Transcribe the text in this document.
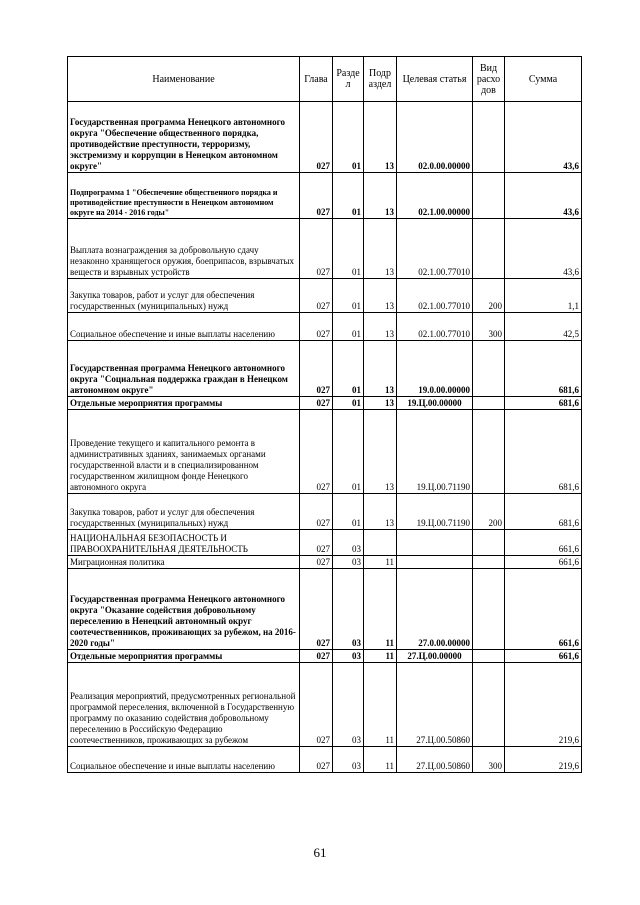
Наименование	Глава	Разде л	Подр аздел	Целевая статья	Вид расхо дов	Сумма

Государственная программа Ненецкого автономного округа "Обеспечение общественного порядка, противодействие преступности, терроризму, экстремизму и коррупции в Ненецком автономном округе"	027	01	13	02.0.00.00000		43,6

Подпрограмма 1 "Обеспечение общественного порядка и противодействие преступности в Ненецком автономном округе на 2014 - 2016 годы"	027	01	13	02.1.00.00000		43,6

Выплата вознаграждения за добровольную сдачу незаконно хранящегося оружия, боеприпасов, взрывчатых веществ и взрывных устройств	027	01	13	02.1.00.77010		43,6

Закупка товаров, работ и услуг для обеспечения государственных (муниципальных) нужд	027	01	13	02.1.00.77010	200	1,1

Социальное обеспечение и иные выплаты населению	027	01	13	02.1.00.77010	300	42,5

Государственная программа Ненецкого автономного округа "Социальная поддержка граждан в Ненецком автономном округе"	027	01	13	19.0.00.00000		681,6

Отдельные мероприятия программы	027	01	13	19.Ц.00.00000		681,6

Проведение текущего и капитального ремонта в административных зданиях, занимаемых органами государственной власти и в специализированном государственном жилищном фонде Ненецкого автономного округа	027	01	13	19.Ц.00.71190		681,6

Закупка товаров, работ и услуг для обеспечения государственных (муниципальных) нужд	027	01	13	19.Ц.00.71190	200	681,6

НАЦИОНАЛЬНАЯ БЕЗОПАСНОСТЬ И ПРАВООХРАНИТЕЛЬНАЯ ДЕЯТЕЛЬНОСТЬ	027	03				661,6

Миграционная политика	027	03	11			661,6

Государственная программа Ненецкого автономного округа "Оказание содействия добровольному переселению в Ненецкий автономный округ соотечественников, проживающих за рубежом, на 2016-2020 годы"	027	03	11	27.0.00.00000		661,6

Отдельные мероприятия программы	027	03	11	27.Ц.00.00000		661,6

Реализация мероприятий, предусмотренных региональной программой переселения, включенной в Государственную программу по оказанию содействия добровольному переселению в Российскую Федерацию соотечественников, проживающих за рубежом	027	03	11	27.Ц.00.50860		219,6

Социальное обеспечение и иные выплаты населению	027	03	11	27.Ц.00.50860	300	219,6
61
